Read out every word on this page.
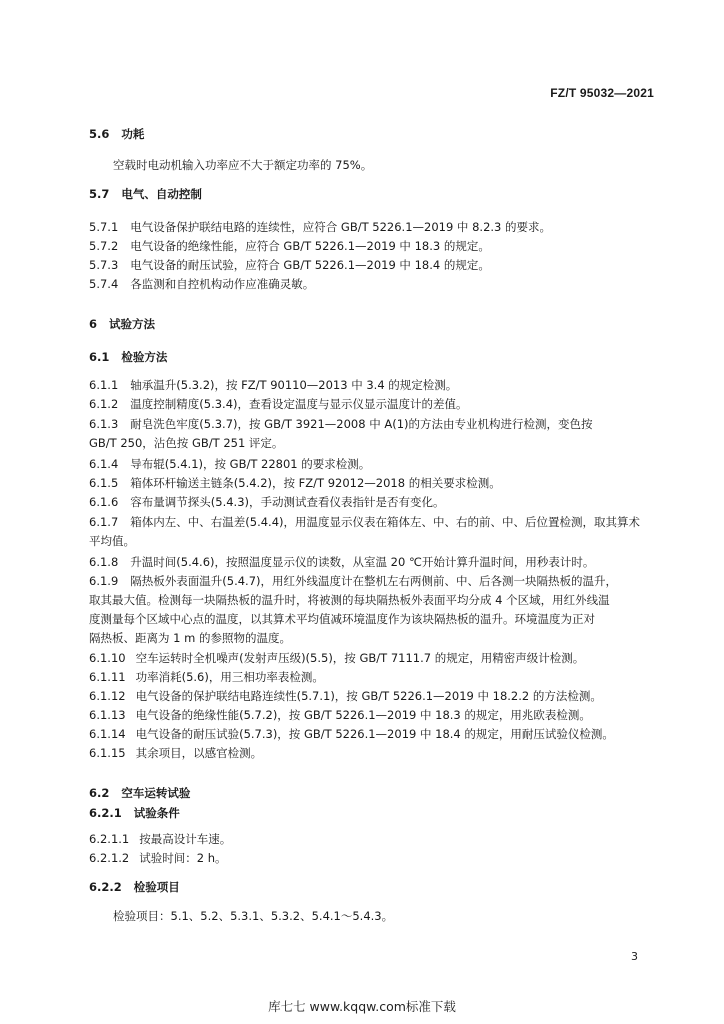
FZ/T 95032—2021
5.6 功耗
空载时电动机输入功率应不大于额定功率的 75%。
5.7 电气、自动控制
5.7.1 电气设备保护联结电路的连续性，应符合 GB/T 5226.1—2019 中 8.2.3 的要求。
5.7.2 电气设备的绝缘性能，应符合 GB/T 5226.1—2019 中 18.3 的规定。
5.7.3 电气设备的耐压试验，应符合 GB/T 5226.1—2019 中 18.4 的规定。
5.7.4 各监测和自控机构动作应准确灵敏。
6 试验方法
6.1 检验方法
6.1.1 轴承温升(5.3.2)，按 FZ/T 90110—2013 中 3.4 的规定检测。
6.1.2 温度控制精度(5.3.4)，查看设定温度与显示仪显示温度计的差值。
6.1.3 耐皂洗色牢度(5.3.7)，按 GB/T 3921—2008 中 A(1)的方法由专业机构进行检测，变色按
GB/T 250，沾色按 GB/T 251 评定。
6.1.4 导布辊(5.4.1)，按 GB/T 22801 的要求检测。
6.1.5 箱体环杆输送主链条(5.4.2)，按 FZ/T 92012—2018 的相关要求检测。
6.1.6 容布量调节探头(5.4.3)，手动测试查看仪表指针是否有变化。
6.1.7 箱体内左、中、右温差(5.4.4)，用温度显示仪表在箱体左、中、右的前、中、后位置检测，取其算术
平均值。
6.1.8 升温时间(5.4.6)，按照温度显示仪的读数，从室温 20 ℃开始计算升温时间，用秒表计时。
6.1.9 隔热板外表面温升(5.4.7)，用红外线温度计在整机左右两侧前、中、后各测一块隔热板的温升，
取其最大值。检测每一块隔热板的温升时，将被测的每块隔热板外表面平均分成 4 个区域，用红外线温
度测量每个区域中心点的温度，以其算术平均值减环境温度作为该块隔热板的温升。环境温度为正对
隔热板、距离为 1 m 的参照物的温度。
6.1.10 空车运转时全机噪声(发射声压级)(5.5)，按 GB/T 7111.7 的规定，用精密声级计检测。
6.1.11 功率消耗(5.6)，用三相功率表检测。
6.1.12 电气设备的保护联结电路连续性(5.7.1)，按 GB/T 5226.1—2019 中 18.2.2 的方法检测。
6.1.13 电气设备的绝缘性能(5.7.2)，按 GB/T 5226.1—2019 中 18.3 的规定，用兆欧表检测。
6.1.14 电气设备的耐压试验(5.7.3)，按 GB/T 5226.1—2019 中 18.4 的规定，用耐压试验仪检测。
6.1.15 其余项目，以感官检测。
6.2 空车运转试验
6.2.1 试验条件
6.2.1.1 按最高设计车速。
6.2.1.2 试验时间：2 h。
6.2.2 检验项目
检验项目：5.1、5.2、5.3.1、5.3.2、5.4.1～5.4.3。
3
库七七 www.kqqw.com标准下载
